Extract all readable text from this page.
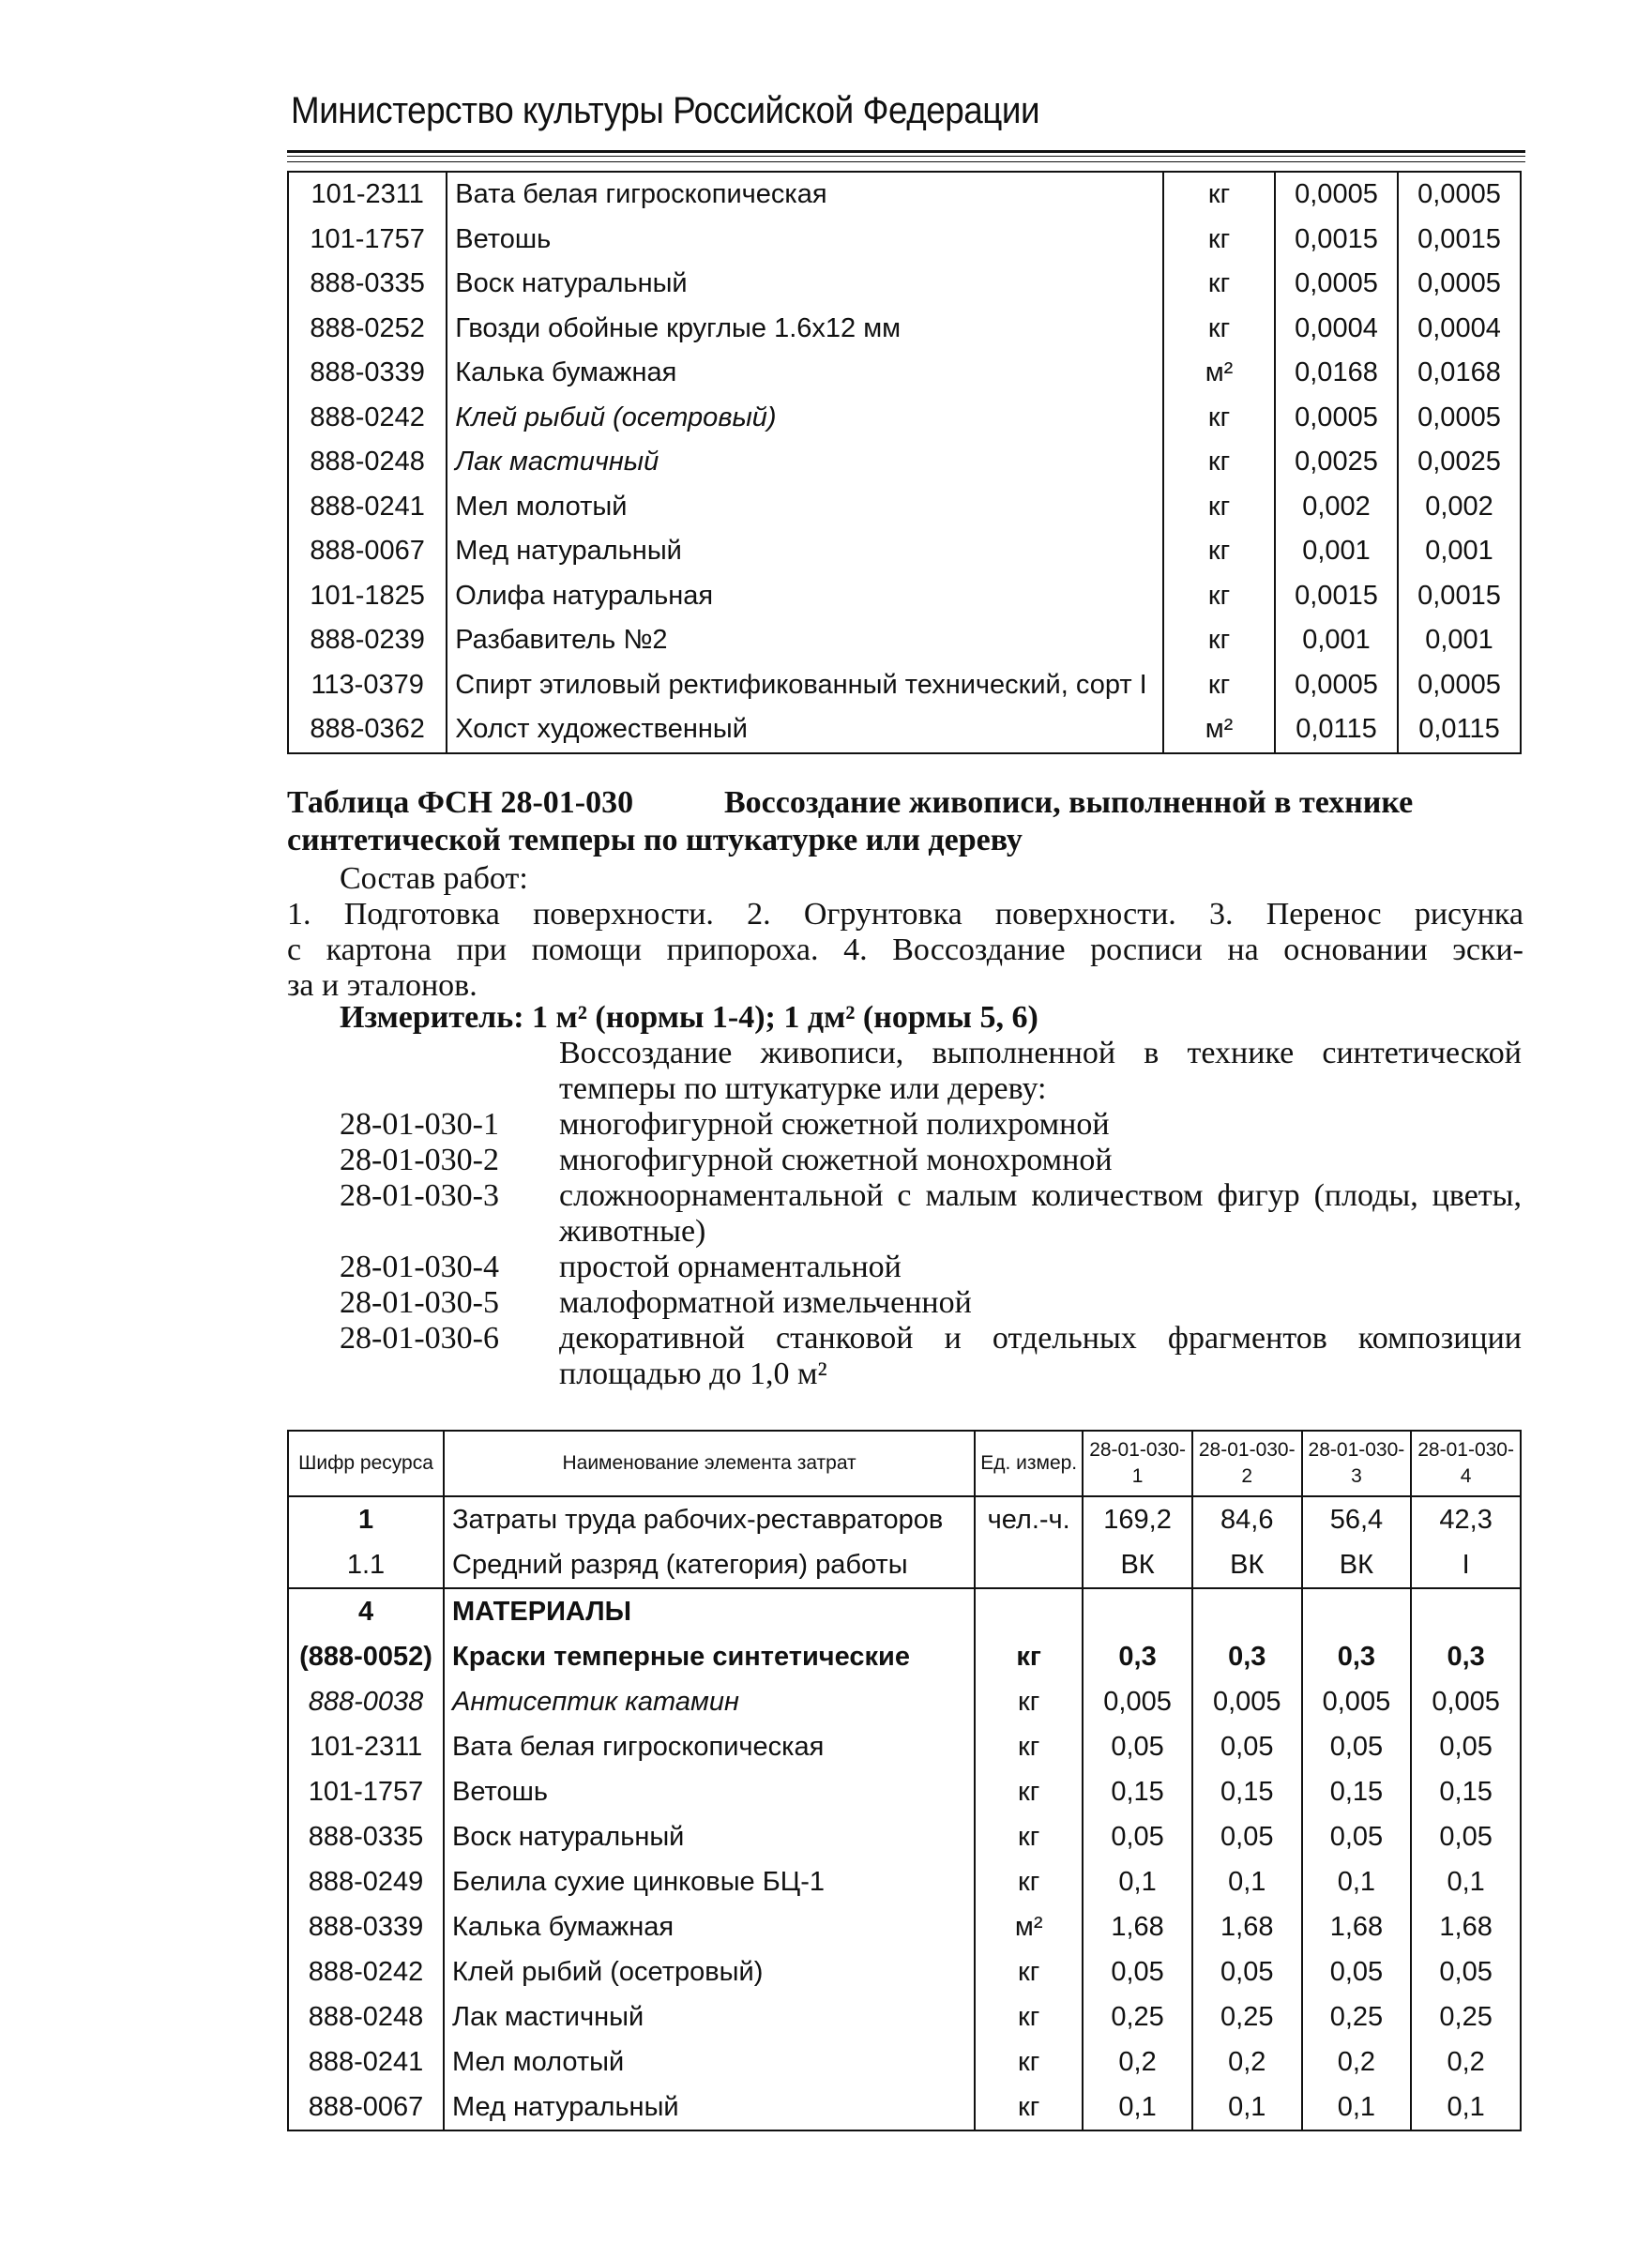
Министерство культуры Российской Федерации
101-2311	Вата белая гигроскопическая	кг	0,0005	0,0005
101-1757	Ветошь	кг	0,0015	0,0015
888-0335	Воск натуральный	кг	0,0005	0,0005
888-0252	Гвозди обойные круглые 1.6x12 мм	кг	0,0004	0,0004
888-0339	Калька бумажная	м²	0,0168	0,0168
888-0242	Клей рыбий (осетровый)	кг	0,0005	0,0005
888-0248	Лак мастичный	кг	0,0025	0,0025
888-0241	Мел молотый	кг	0,002	0,002
888-0067	Мед натуральный	кг	0,001	0,001
101-1825	Олифа натуральная	кг	0,0015	0,0015
888-0239	Разбавитель №2	кг	0,001	0,001
113-0379	Спирт этиловый ректификованный технический, сорт I	кг	0,0005	0,0005
888-0362	Холст художественный	м²	0,0115	0,0115
Таблица ФСН 28-01-030	Воссоздание живописи, выполненной в технике синтетической темперы по штукатурке или дереву
Состав работ:
1. Подготовка поверхности. 2. Огрунтовка поверхности. 3. Перенос рисунка
с картона при помощи припороха. 4. Воссоздание росписи на основании эски-
за и эталонов.
Измеритель: 1 м² (нормы 1-4); 1 дм² (нормы 5, 6)
Воссоздание живописи, выполненной в технике синтетической темперы по штукатурке или дереву:
28-01-030-1 многофигурной сюжетной полихромной
28-01-030-2 многофигурной сюжетной монохромной
28-01-030-3 сложноорнаментальной с малым количеством фигур (плоды, цветы, животные)
28-01-030-4 простой орнаментальной
28-01-030-5 малоформатной измельченной
28-01-030-6 декоративной станковой и отдельных фрагментов композиции площадью до 1,0 м²
Шифр ресурса	Наименование элемента затрат	Ед. измер.	28-01-030-1	28-01-030-2	28-01-030-3	28-01-030-4
1	Затраты труда рабочих-реставраторов	чел.-ч.	169,2	84,6	56,4	42,3
1.1	Средний разряд (категория) работы		ВК	ВК	ВК	I
4	МАТЕРИАЛЫ					
(888-0052)	Краски темперные синтетические	кг	0,3	0,3	0,3	0,3
888-0038	Антисептик катамин	кг	0,005	0,005	0,005	0,005
101-2311	Вата белая гигроскопическая	кг	0,05	0,05	0,05	0,05
101-1757	Ветошь	кг	0,15	0,15	0,15	0,15
888-0335	Воск натуральный	кг	0,05	0,05	0,05	0,05
888-0249	Белила сухие цинковые БЦ-1	кг	0,1	0,1	0,1	0,1
888-0339	Калька бумажная	м²	1,68	1,68	1,68	1,68
888-0242	Клей рыбий (осетровый)	кг	0,05	0,05	0,05	0,05
888-0248	Лак мастичный	кг	0,25	0,25	0,25	0,25
888-0241	Мел молотый	кг	0,2	0,2	0,2	0,2
888-0067	Мед натуральный	кг	0,1	0,1	0,1	0,1
